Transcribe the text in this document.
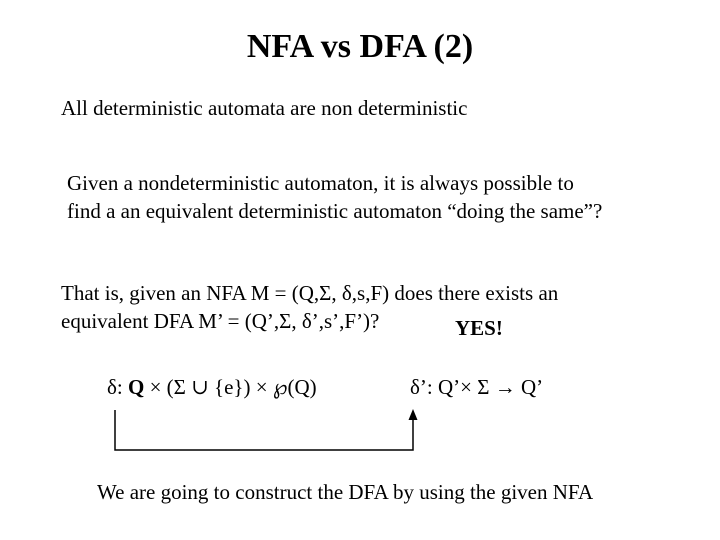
NFA vs DFA (2)
All deterministic automata are non deterministic
Given a nondeterministic automaton, it is always possible to
find a an equivalent deterministic automaton “doing the same”?
That is, given an NFA M = (Q,Σ, δ,s,F) does there exists an
equivalent DFA M’ = (Q’,Σ, δ’,s’,F’)?	YES!
δ: Q × (Σ ∪ {e}) × ℘(Q)	δ’: Q’× Σ → Q’
We are going to construct the DFA by using the given NFA
